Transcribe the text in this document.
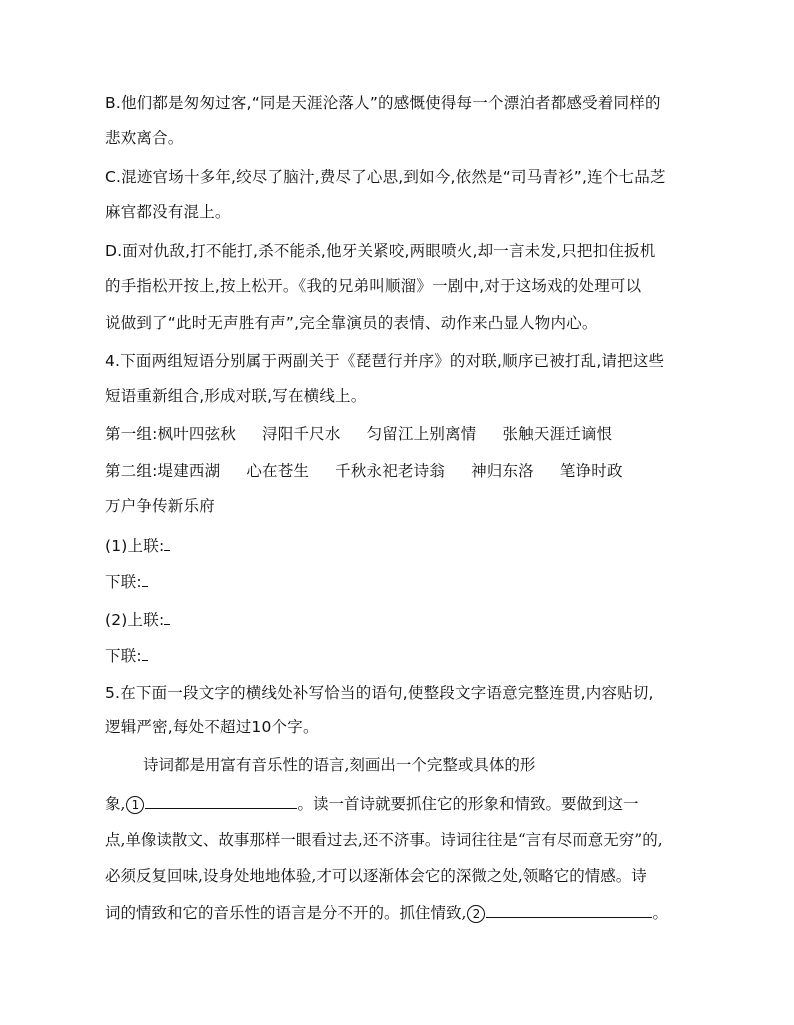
B.他们都是匆匆过客,“同是天涯沦落人”的感慨使得每一个漂泊者都感受着同样的
悲欢离合。
C.混迹官场十多年,绞尽了脑汁,费尽了心思,到如今,依然是“司马青衫”,连个七品芝
麻官都没有混上。
D.面对仇敌,打不能打,杀不能杀,他牙关紧咬,两眼喷火,却一言未发,只把扣住扳机
的手指松开按上,按上松开。《我的兄弟叫顺溜》一剧中,对于这场戏的处理可以
说做到了“此时无声胜有声”,完全靠演员的表情、动作来凸显人物内心。
4.下面两组短语分别属于两副关于《琵琶行并序》的对联,顺序已被打乱,请把这些
短语重新组合,形成对联,写在横线上。
第一组:枫叶四弦秋 浔阳千尺水 匀留江上别离情 张触天涯迁谪恨
第二组:堤建西湖 心在苍生 千秋永祀老诗翁 神归东洛 笔诤时政
万户争传新乐府
(1)上联:
下联:
(2)上联:
下联:
5.在下面一段文字的横线处补写恰当的语句,使整段文字语意完整连贯,内容贴切,
逻辑严密,每处不超过10个字。
诗词都是用富有音乐性的语言,刻画出一个完整或具体的形
象, 1	。读一首诗就要抓住它的形象和情致。要做到这一
点,单像读散文、故事那样一眼看过去,还不济事。诗词往往是“言有尽而意无穷”的,
必须反复回味,设身处地地体验,才可以逐渐体会它的深微之处,领略它的情感。诗
词的情致和它的音乐性的语言是分不开的。抓住情致, 2	。
